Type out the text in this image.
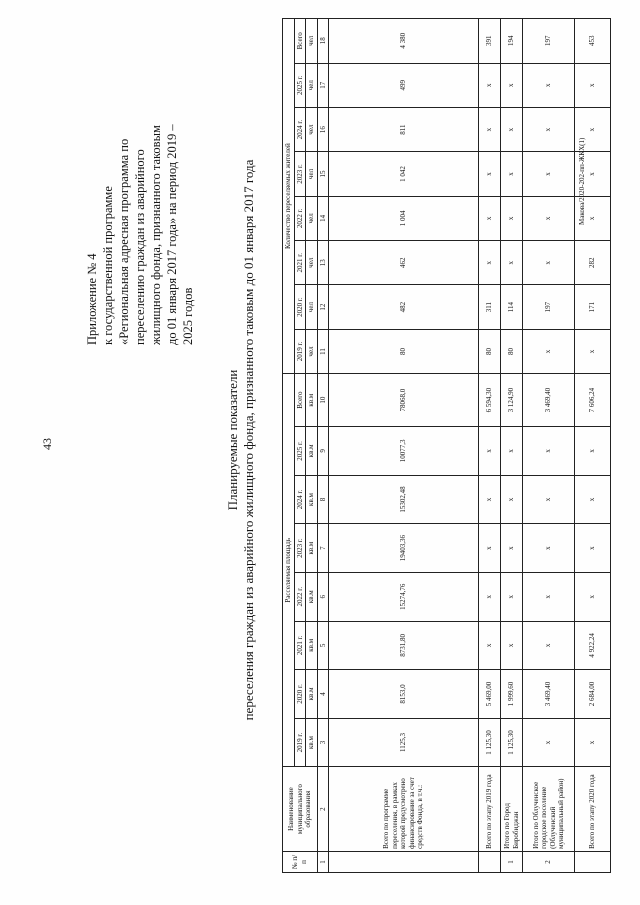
43
Приложение № 4 к государственной программе «Региональная адресная программа по переселению граждан из аварийного жилищного фонда, признанного таковым до 01 января 2017 года» на период 2019 – 2025 годов
Планируемые показатели переселения граждан из аварийного жилищного фонда, признанного таковым до 01 января 2017 года
№ п/ п	Наименование муниципального образования	Расселяемая площадь								Количество переселяемых жителей							
		2019 г.	2020 г.	2021 г.	2022 г.	2023 г.	2024 г.	2025 г.	Всего	2019 г.	2020 г.	2021 г.	2022 г.	2023 г.	2024 г.	2025 г.	Всего
		кв.м	кв.м	кв.м	кв.м	кв.м	кв.м	кв.м	кв.м	чел	чел	чел	чел	чел	чел	чел	чел
1	2	3	4	5	6	7	8	9	10	11	12	13	14	15	16	17	18
	Всего по программе переселения, в рамках которой предусмотрено финансирование за счет средств Фонда, в т.ч.:	1125,3	8153,0	8731,80	15274,76	19403,36	15302,48	10077,3	78068,0	80	482	462	1 004	1 042	811	499	4 380
	Всего по этапу 2019 года	1 125,30	5 469,00	x	x	x	x	x	6 594,30	80	311	x	x	x	x	x	391
1	Итого по Город Биробиджан	1 125,30	1 999,60	x	x	x	x	x	3 124,90	80	114	x	x	x	x	x	194
2	Итого по Облученское городское поселение (Облученский муниципальный район)	x	3 469,40	x	x	x	x	x	3 469,40	x	197	x	x	x	x	x	197
	Всего по этапу 2020 года	x	2 684,00	4 922,24	x	x	x	x	7 606,24	x	171	282	x	x	x	x	453
Макова/2020-202-пп-ЖКХ(1)
